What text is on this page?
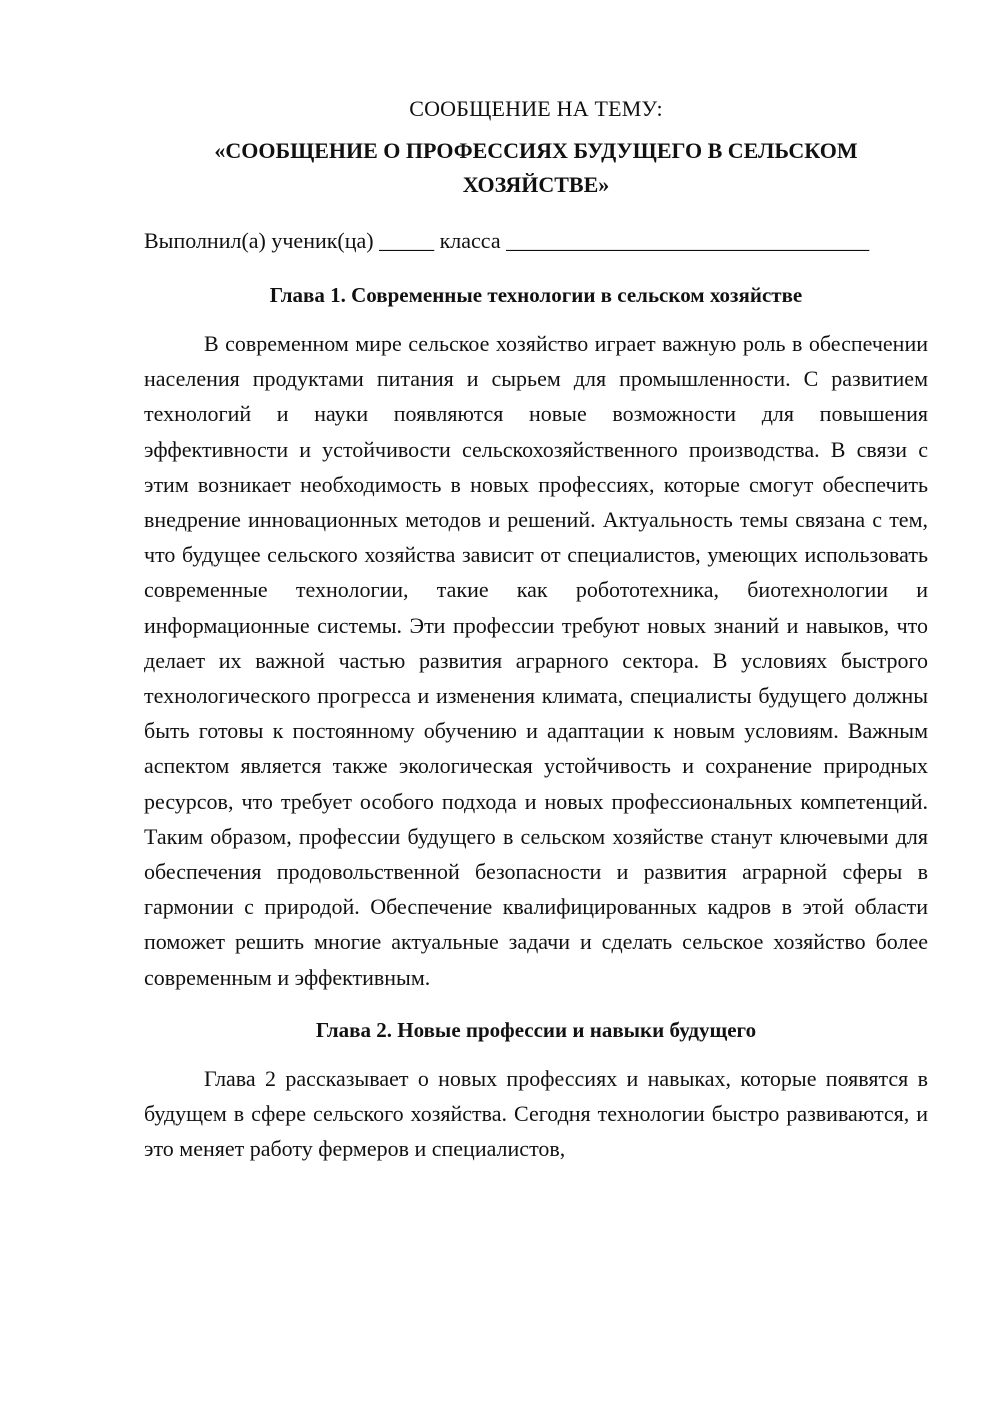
СООБЩЕНИЕ НА ТЕМУ:
«СООБЩЕНИЕ О ПРОФЕССИЯХ БУДУЩЕГО В СЕЛЬСКОМ ХОЗЯЙСТВЕ»
Выполнил(а) ученик(ца) _____ класса _________________________________
Глава 1. Современные технологии в сельском хозяйстве

В современном мире сельское хозяйство играет важную роль в обеспечении населения продуктами питания и сырьем для промышленности. С развитием технологий и науки появляются новые возможности для повышения эффективности и устойчивости сельскохозяйственного производства. В связи с этим возникает необходимость в новых профессиях, которые смогут обеспечить внедрение инновационных методов и решений. Актуальность темы связана с тем, что будущее сельского хозяйства зависит от специалистов, умеющих использовать современные технологии, такие как робототехника, биотехнологии и информационные системы. Эти профессии требуют новых знаний и навыков, что делает их важной частью развития аграрного сектора. В условиях быстрого технологического прогресса и изменения климата, специалисты будущего должны быть готовы к постоянному обучению и адаптации к новым условиям. Важным аспектом является также экологическая устойчивость и сохранение природных ресурсов, что требует особого подхода и новых профессиональных компетенций. Таким образом, профессии будущего в сельском хозяйстве станут ключевыми для обеспечения продовольственной безопасности и развития аграрной сферы в гармонии с природой. Обеспечение квалифицированных кадров в этой области поможет решить многие актуальные задачи и сделать сельское хозяйство более современным и эффективным.

Глава 2. Новые профессии и навыки будущего

Глава 2 рассказывает о новых профессиях и навыках, которые появятся в будущем в сфере сельского хозяйства. Сегодня технологии быстро развиваются, и это меняет работу фермеров и специалистов,
